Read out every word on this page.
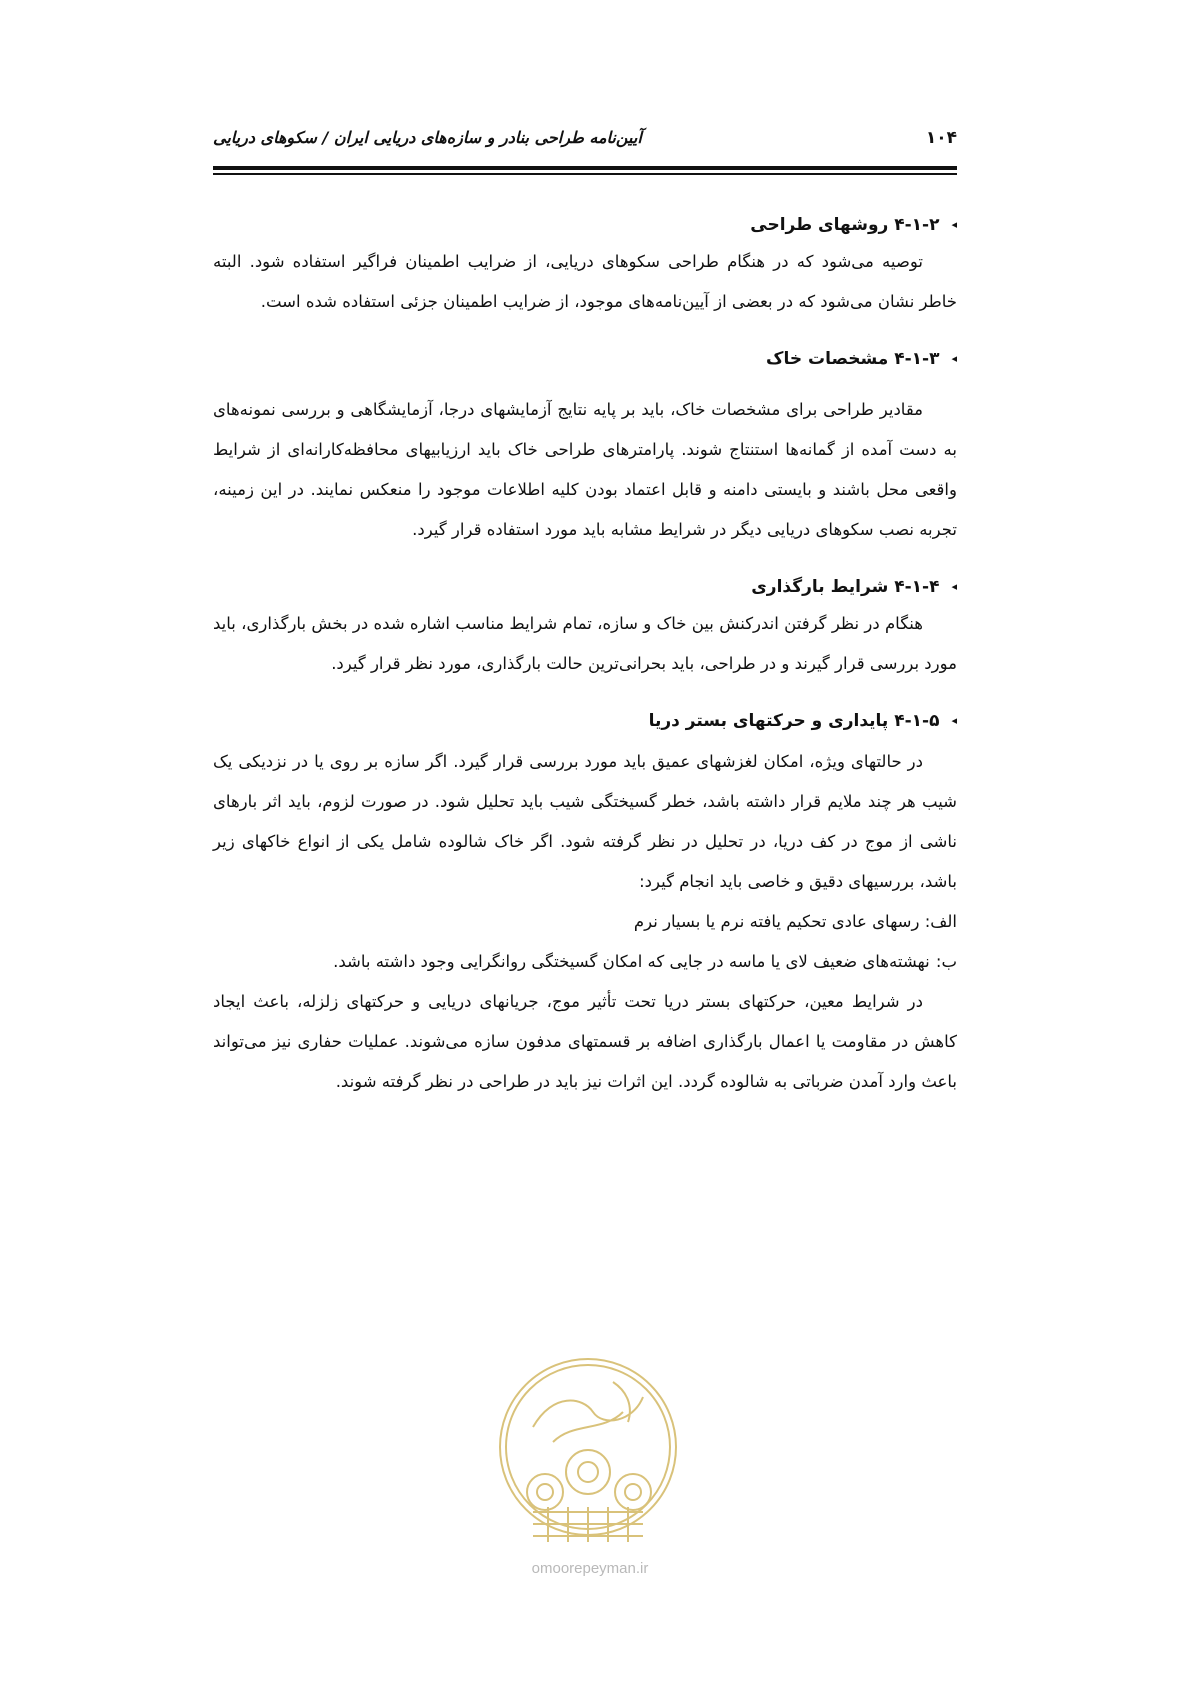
۱۰۴
آیین‌نامه طراحی بنادر و سازه‌های دریایی ایران / سکوهای دریایی
◂
۴-۱-۲ روشهای طراحی

توصیه می‌شود که در هنگام طراحی سکوهای دریایی، از ضرایب اطمینان فراگیر استفاده شود. البته خاطر نشان می‌شود که در بعضی از آیین‌نامه‌های موجود، از ضرایب اطمینان جزئی استفاده شده است.

◂
۴-۱-۳ مشخصات خاک

مقادیر طراحی برای مشخصات خاک، باید بر پایه نتایج آزمایشهای درجا، آزمایشگاهی و بررسی نمونه‌های به دست آمده از گمانه‌ها استنتاج شوند. پارامترهای طراحی خاک باید ارزیابیهای محافظه‌کارانه‌ای از شرایط واقعی محل باشند و بایستی دامنه و قابل اعتماد بودن کلیه اطلاعات موجود را منعکس نمایند. در این زمینه، تجربه نصب سکوهای دریایی دیگر در شرایط مشابه باید مورد استفاده قرار گیرد.

◂
۴-۱-۴ شرایط بارگذاری

هنگام در نظر گرفتن اندرکنش بین خاک و سازه، تمام شرایط مناسب اشاره شده در بخش بارگذاری، باید مورد بررسی قرار گیرند و در طراحی، باید بحرانی‌ترین حالت بارگذاری، مورد نظر قرار گیرد.

◂
۴-۱-۵ پایداری و حرکتهای بستر دریا

در حالتهای ویژه، امکان لغزشهای عمیق باید مورد بررسی قرار گیرد. اگر سازه بر روی یا در نزدیکی یک شیب هر چند ملایم قرار داشته باشد، خطر گسیختگی شیب باید تحلیل شود. در صورت لزوم، باید اثر بارهای ناشی از موج در کف دریا، در تحلیل در نظر گرفته شود. اگر خاک شالوده شامل یکی از انواع خاکهای زیر باشد، بررسیهای دقیق و خاصی باید انجام گیرد:

الف: رسهای عادی تحکیم یافته نرم یا بسیار نرم

ب: نهشته‌های ضعیف لای یا ماسه در جایی که امکان گسیختگی روانگرایی وجود داشته باشد.

در شرایط معین، حرکتهای بستر دریا تحت تأثیر موج، جریانهای دریایی و حرکتهای زلزله، باعث ایجاد کاهش در مقاومت یا اعمال بارگذاری اضافه بر قسمتهای مدفون سازه می‌شوند. عملیات حفاری نیز می‌تواند باعث وارد آمدن ضرباتی به شالوده گردد. این اثرات نیز باید در طراحی در نظر گرفته شوند.

omoorepeyman.ir
